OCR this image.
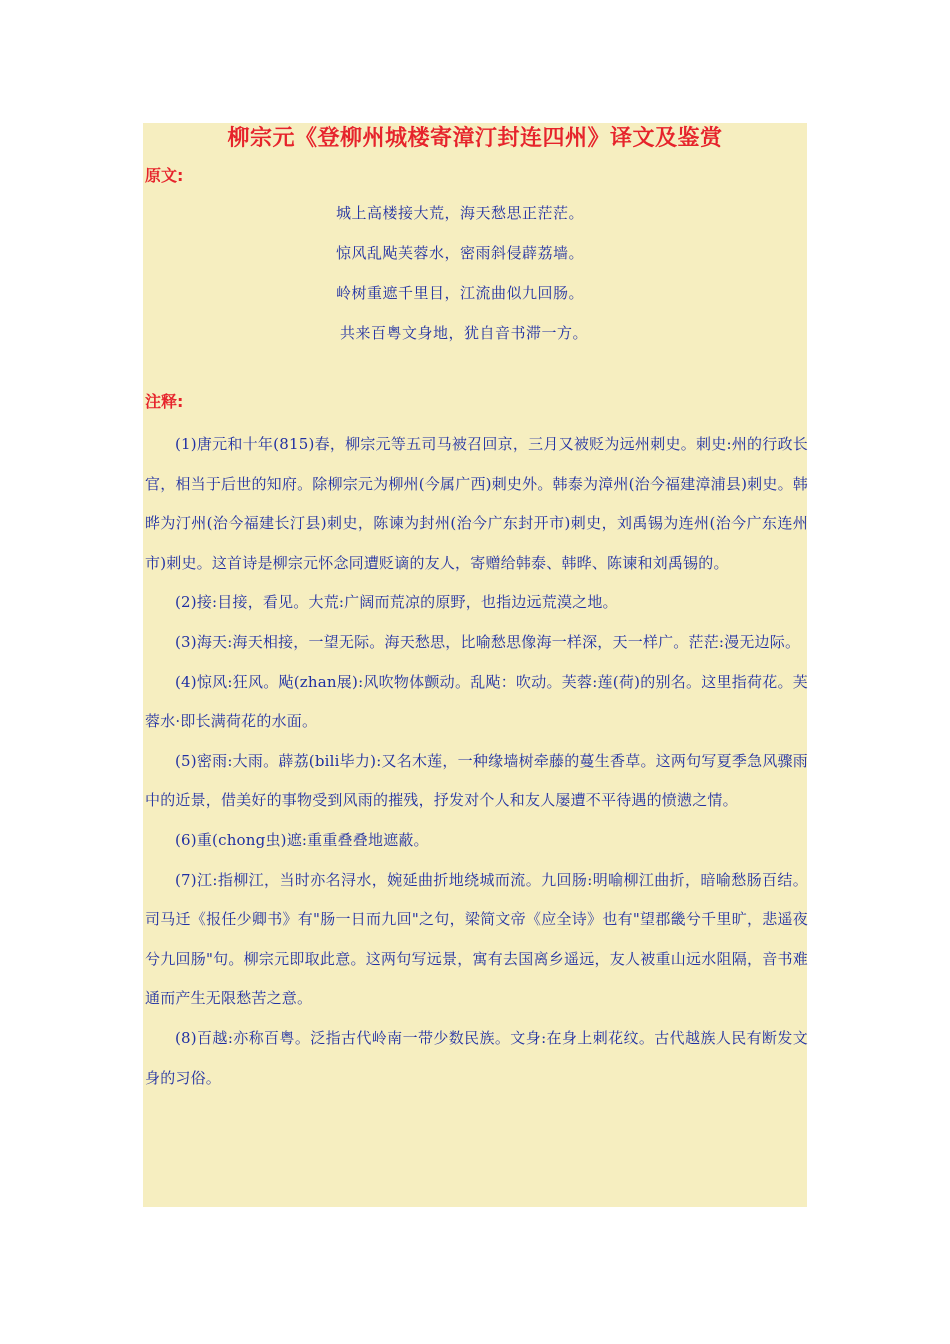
柳宗元《登柳州城楼寄漳汀封连四州》译文及鉴赏
原文:
城上高楼接大荒，海天愁思正茫茫。
惊风乱飐芙蓉水，密雨斜侵薜荔墙。
岭树重遮千里目，江流曲似九回肠。
共来百粤文身地，犹自音书滞一方。
注释:

(1)唐元和十年(815)春，柳宗元等五司马被召回京，三月又被贬为远州刺史。刺史:州的行政长官，相当于后世的知府。除柳宗元为柳州(今属广西)刺史外。韩泰为漳州(治今福建漳浦县)刺史。韩晔为汀州(治今福建长汀县)刺史，陈谏为封州(治今广东封开市)刺史，刘禹锡为连州(治今广东连州市)刺史。这首诗是柳宗元怀念同遭贬谪的友人，寄赠给韩泰、韩晔、陈谏和刘禹锡的。

(2)接:目接，看见。大荒:广阔而荒凉的原野，也指边远荒漠之地。

(3)海天:海天相接，一望无际。海天愁思，比喻愁思像海一样深，天一样广。茫茫:漫无边际。

(4)惊风:狂风。飐(zhan展):风吹物体颤动。乱飐：吹动。芙蓉:莲(荷)的别名。这里指荷花。芙蓉水·即长满荷花的水面。

(5)密雨:大雨。薜荔(bili毕力):又名木莲，一种缘墙树牵藤的蔓生香草。这两句写夏季急风骤雨中的近景，借美好的事物受到风雨的摧残，抒发对个人和友人屡遭不平待遇的愤懑之情。

(6)重(chong虫)遮:重重叠叠地遮蔽。

(7)江:指柳江，当时亦名浔水，婉延曲折地绕城而流。九回肠:明喻柳江曲折，暗喻愁肠百结。司马迁《报任少卿书》有"肠一日而九回"之句，梁简文帝《应全诗》也有"望郡畿兮千里旷，悲遥夜兮九回肠"句。柳宗元即取此意。这两句写远景，寓有去国离乡遥远，友人被重山远水阻隔，音书难通而产生无限愁苦之意。

(8)百越:亦称百粤。泛指古代岭南一带少数民族。文身:在身上刺花纹。古代越族人民有断发文身的习俗。
